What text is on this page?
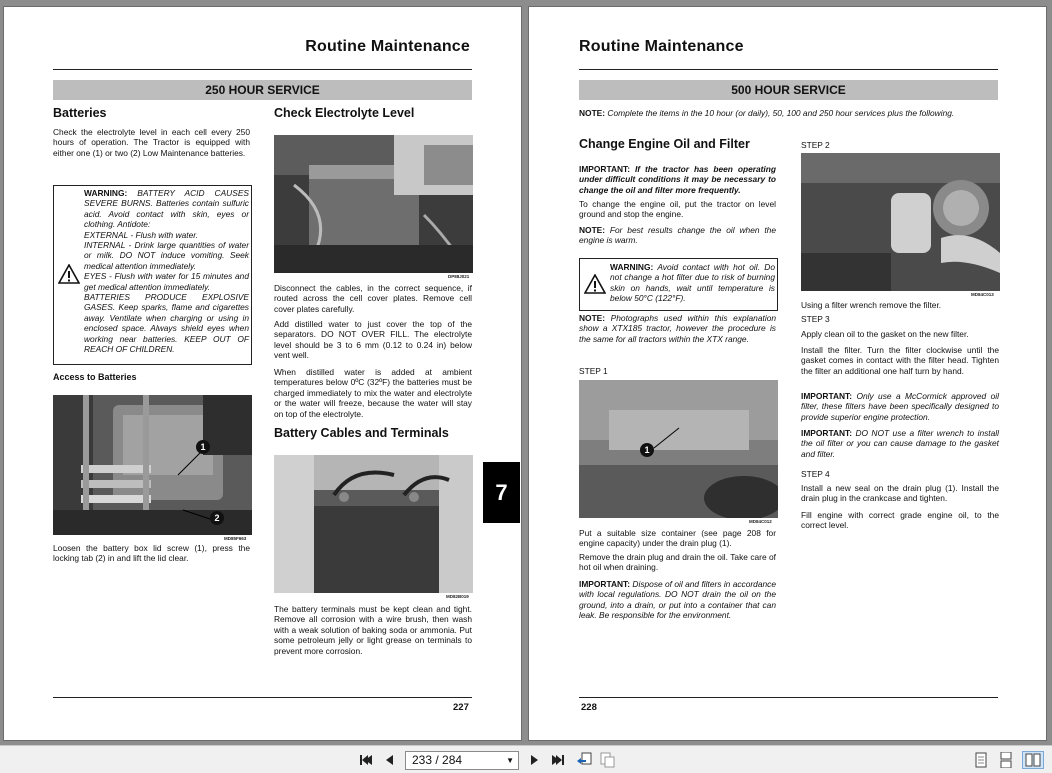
Routine Maintenance
250 HOUR SERVICE
Batteries
Check the electrolyte level in each cell every 250 hours of operation. The Tractor is equipped with either one (1) or two (2) Low Maintenance batteries.
WARNING: BATTERY ACID CAUSES SEVERE BURNS. Batteries contain sulfuric acid. Avoid contact with skin, eyes or clothing. Antidote:
EXTERNAL - Flush with water.
INTERNAL - Drink large quantities of water or milk. DO NOT induce vomiting. Seek medical attention immediately.
EYES - Flush with water for 15 minutes and get medical attention immediately.
BATTERIES PRODUCE EXPLOSIVE GASES. Keep sparks, flame and cigarettes away. Ventilate when charging or using in enclosed space. Always shield eyes when working near batteries. KEEP OUT OF REACH OF CHILDREN.
Access to Batteries
1
2
MD85F663
Loosen the battery box lid screw (1), press the locking tab (2) in and lift the lid clear.
Check Electrolyte Level
DP88J021
Disconnect the cables, in the correct sequence, if routed across the cell cover plates. Remove cell cover plates carefully.
Add distilled water to just cover the top of the separators. DO NOT OVER FILL. The electrolyte level should be 3 to 6 mm (0.12 to 0.24 in) below vent well.
When distilled water is added at ambient temperatures below 0ºC (32ºF) the batteries must be charged immediately to mix the water and electrolyte or the water will freeze, because the water will stay on top of the electrolyte.
Battery Cables and Terminals
MD82B019
The battery terminals must be kept clean and tight. Remove all corrosion with a wire brush, then wash with a weak solution of baking soda or ammonia. Put some petroleum jelly or light grease on terminals to prevent more corrosion.
227
7
Routine Maintenance
500 HOUR SERVICE
NOTE: Complete the items in the 10 hour (or daily), 50, 100 and 250 hour services plus the following.
Change Engine Oil and Filter
IMPORTANT: If the tractor has been operating under difficult conditions it may be necessary to change the oil and filter more frequently.
To change the engine oil, put the tractor on level ground and stop the engine.
NOTE: For best results change the oil when the engine is warm.
WARNING: Avoid contact with hot oil. Do not change a hot filter due to risk of burning skin on hands, wait until temperature is below 50°C (122°F).
NOTE: Photographs used within this explanation show a XTX185 tractor, however the procedure is the same for all tractors within the XTX range.
STEP 1
1
MD84C012
Put a suitable size container (see page 208 for engine capacity) under the drain plug (1).
Remove the drain plug and drain the oil. Take care of hot oil when draining.
IMPORTANT: Dispose of oil and filters in accordance with local regulations. DO NOT drain the oil on the ground, into a drain, or put into a container that can leak. Be responsible for the environment.
STEP 2
MD84C013
Using a filter wrench remove the filter.
STEP 3
Apply clean oil to the gasket on the new filter.
Install the filter. Turn the filter clockwise until the gasket comes in contact with the filter head. Tighten the filter an additional one half turn by hand.
IMPORTANT: Only use a McCormick approved oil filter, these filters have been specifically designed to provide superior engine protection.
IMPORTANT: DO NOT use a filter wrench to install the oil filter or you can cause damage to the gasket and filter.
STEP 4
Install a new seal on the drain plug (1). Install the drain plug in the crankcase and tighten.
Fill engine with correct grade engine oil, to the correct level.
228
233 / 284	▼
